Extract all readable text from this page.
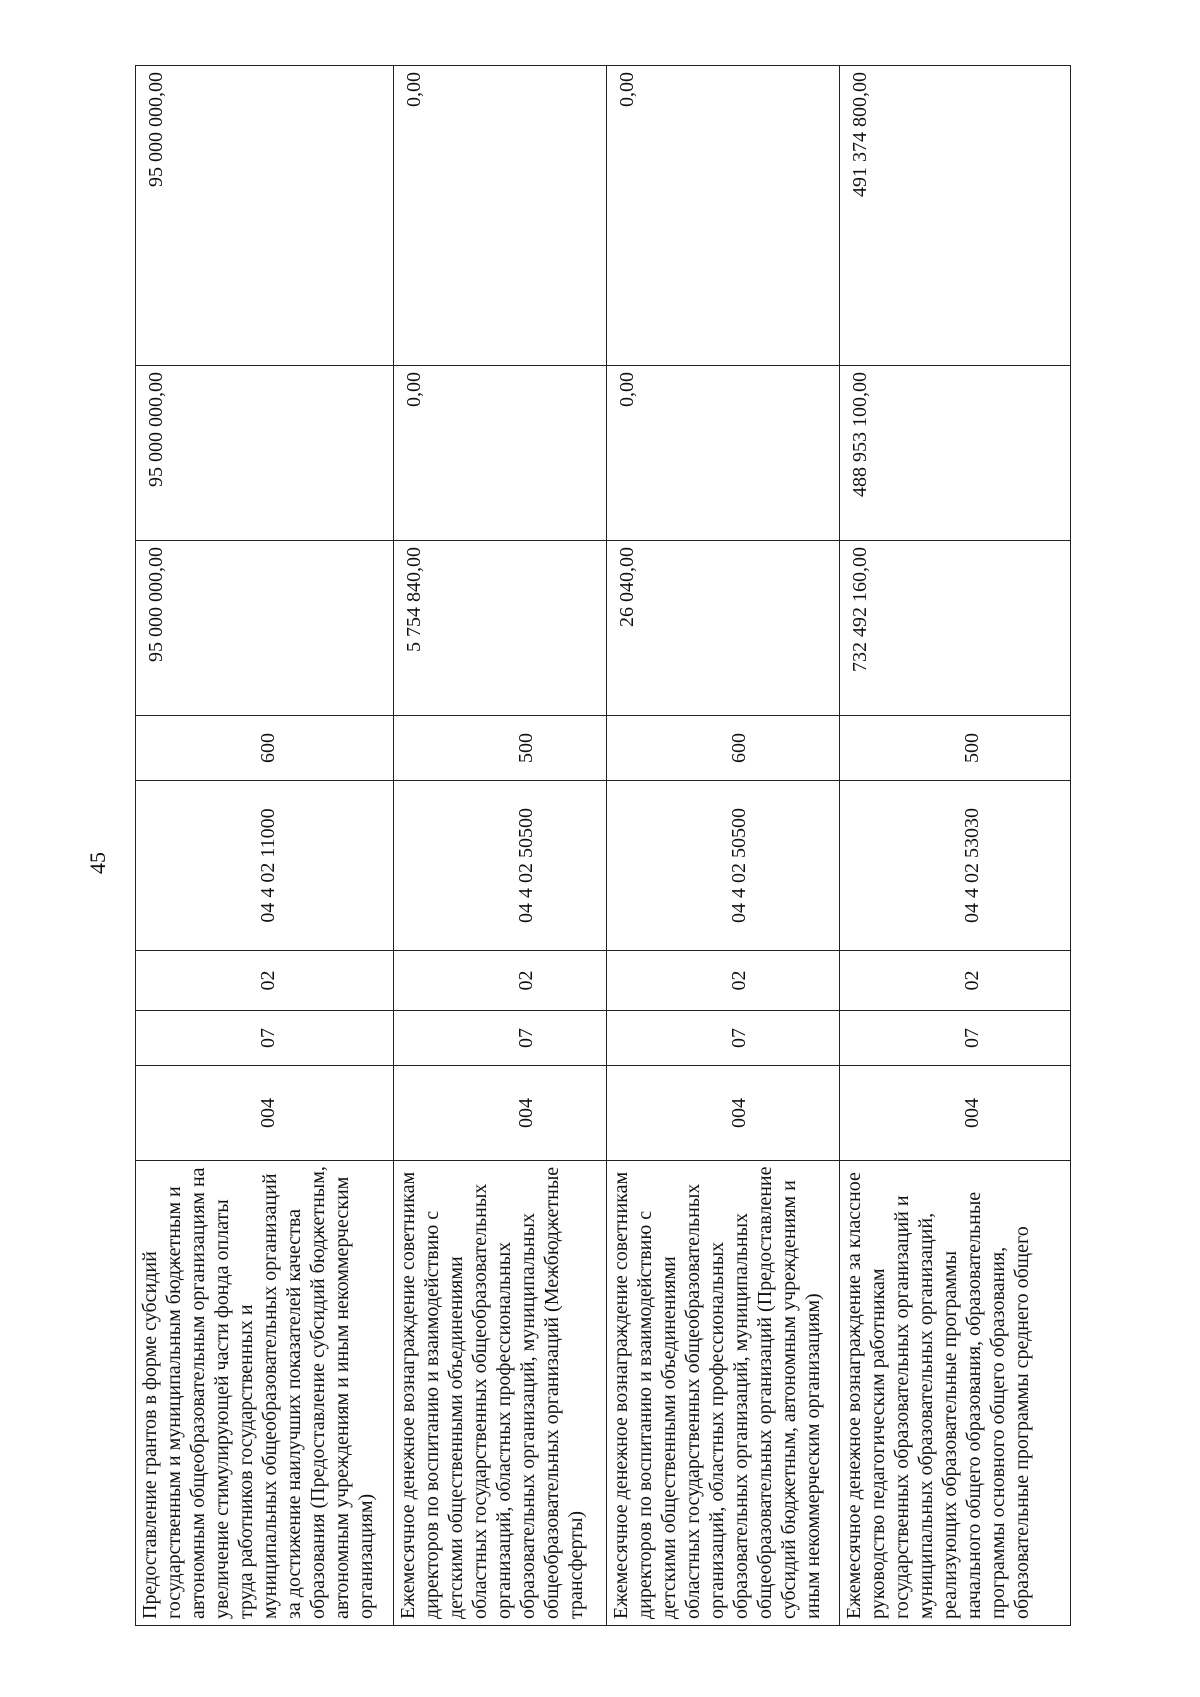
45
Предоставление грантов в форме субсидий государственным и муниципальным бюджетным и автономным общеобразовательным организациям на увеличение стимулирующей части фонда оплаты труда работников государственных и муниципальных общеобразовательных организаций за достижение наилучших показателей качества образования (Предоставление субсидий бюджетным, автономным учреждениям и иным некоммерческим организациям)	004	07	02	04 4 02 11000	600	95 000 000,00	95 000 000,00	95 000 000,00
Ежемесячное денежное вознаграждение советникам директоров по воспитанию и взаимодействию с детскими общественными объединениями областных государственных общеобразовательных организаций, областных профессиональных образовательных организаций, муниципальных общеобразовательных организаций (Межбюджетные трансферты)	004	07	02	04 4 02 50500	500	5 754 840,00	0,00	0,00
Ежемесячное денежное вознаграждение советникам директоров по воспитанию и взаимодействию с детскими общественными объединениями областных государственных общеобразовательных организаций, областных профессиональных образовательных организаций, муниципальных общеобразовательных организаций (Предоставление субсидий бюджетным, автономным учреждениям и иным некоммерческим организациям)	004	07	02	04 4 02 50500	600	26 040,00	0,00	0,00
Ежемесячное денежное вознаграждение за классное руководство педагогическим работникам государственных образовательных организаций и муниципальных образовательных организаций, реализующих образовательные программы начального общего образования, образовательные программы основного общего образования, образовательные программы среднего общего	004	07	02	04 4 02 53030	500	732 492 160,00	488 953 100,00	491 374 800,00
